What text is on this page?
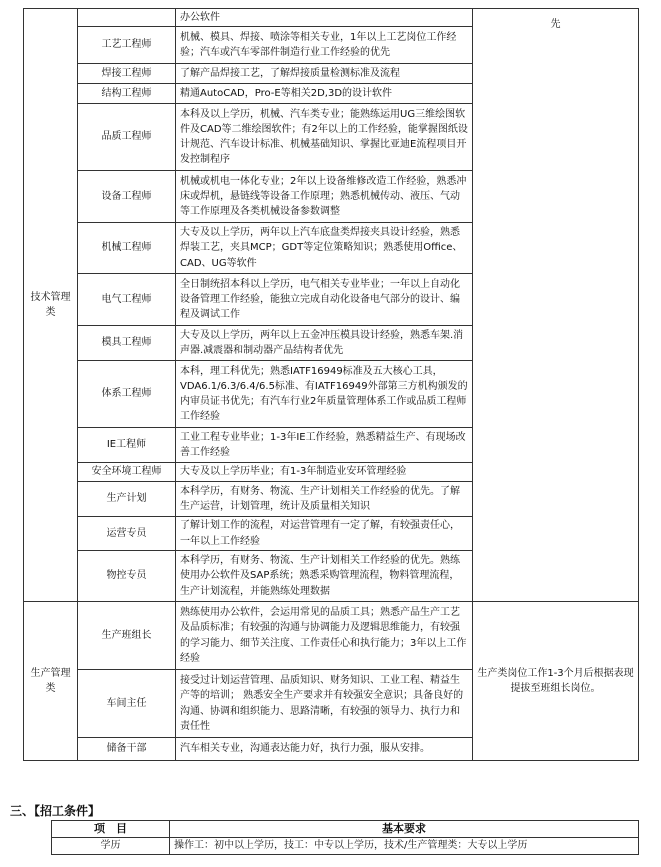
技术管理类		办公软件	先
	工艺工程师	机械、模具、焊接、喷涂等相关专业，1年以上工艺岗位工作经验；汽车或汽车零部件制造行业工作经验的优先	
	焊接工程师	了解产品焊接工艺，了解焊接质量检测标准及流程	
	结构工程师	精通AutoCAD，Pro-E等相关2D,3D的设计软件	
	品质工程师	本科及以上学历，机械、汽车类专业；能熟练运用UG三维绘图软件及CAD等二维绘图软件；有2年以上的工作经验，能掌握图纸设计规范、汽车设计标准、机械基础知识、掌握比亚迪E流程项目开发控制程序	
	设备工程师	机械或机电一体化专业；2年以上设备维修改造工作经验，熟悉冲床或焊机，悬链线等设备工作原理；熟悉机械传动、液压、气动等工作原理及各类机械设备参数调整	
	机械工程师	大专及以上学历，两年以上汽车底盘类焊接夹具设计经验，熟悉焊装工艺，夹具MCP；GDT等定位策略知识；熟悉使用Office、CAD、UG等软件	
	电气工程师	全日制统招本科以上学历，电气相关专业毕业；一年以上自动化设备管理工作经验，能独立完成自动化设备电气部分的设计、编程及调试工作	
	模具工程师	大专及以上学历，两年以上五金冲压模具设计经验，熟悉车架.消声器.减震器和制动器产品结构者优先	
	体系工程师	本科，理工科优先；熟悉IATF16949标准及五大核心工具，VDA6.1/6.3/6.4/6.5标准、有IATF16949外部第三方机构颁发的内审员证书优先；有汽车行业2年质量管理体系工作或品质工程师工作经验	
	IE工程师	工业工程专业毕业；1-3年IE工作经验，熟悉精益生产、有现场改善工作经验	
	安全环境工程师	大专及以上学历毕业；有1-3年制造业安环管理经验	
	生产计划	本科学历，有财务、物流、生产计划相关工作经验的优先。了解生产运营，计划管理，统计及质量相关知识	
	运营专员	了解计划工作的流程，对运营管理有一定了解，有较强责任心，一年以上工作经验	
	物控专员	本科学历，有财务、物流、生产计划相关工作经验的优先。熟练使用办公软件及SAP系统；熟悉采购管理流程，物料管理流程，生产计划流程，并能熟练处理数据	
生产管理类	生产班组长	熟练使用办公软件，会运用常见的品质工具；熟悉产品生产工艺及品质标准；有较强的沟通与协调能力及逻辑思维能力，有较强的学习能力、细节关注度、工作责任心和执行能力；3年以上工作经验	生产类岗位工作1-3个月后根据表现提拔至班组长岗位。
	车间主任	接受过计划运营管理、品质知识、财务知识、工业工程、精益生产等的培训； 熟悉安全生产要求并有较强安全意识；具备良好的沟通、协调和组织能力、思路清晰，有较强的领导力、执行力和责任性	
	储备干部	汽车相关专业，沟通表达能力好，执行力强，服从安排。	
三、【招工条件】
项　目	基本要求
学历	操作工：初中以上学历，技工：中专以上学历，技术/生产管理类：大专以上学历
